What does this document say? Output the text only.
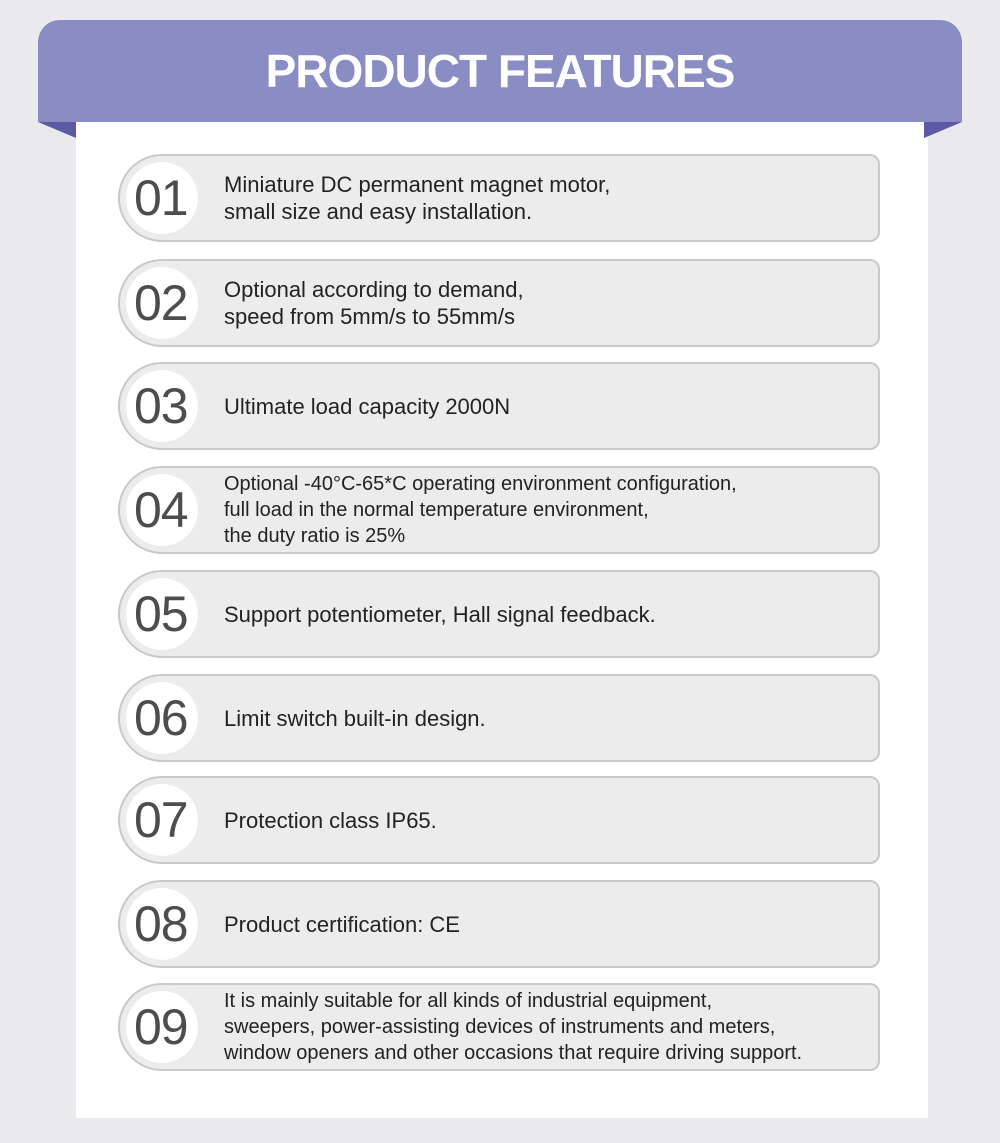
PRODUCT FEATURES
01 Miniature DC permanent magnet motor,
small size and easy installation.
02 Optional according to demand,
speed from 5mm/s to 55mm/s
03 Ultimate load capacity 2000N
04 Optional -40°C-65*C operating environment configuration,
full load in the normal temperature environment,
the duty ratio is 25%
05 Support potentiometer, Hall signal feedback.
06 Limit switch built-in design.
07 Protection class IP65.
08 Product certification: CE
09 It is mainly suitable for all kinds of industrial equipment,
sweepers, power-assisting devices of instruments and meters,
window openers and other occasions that require driving support.
